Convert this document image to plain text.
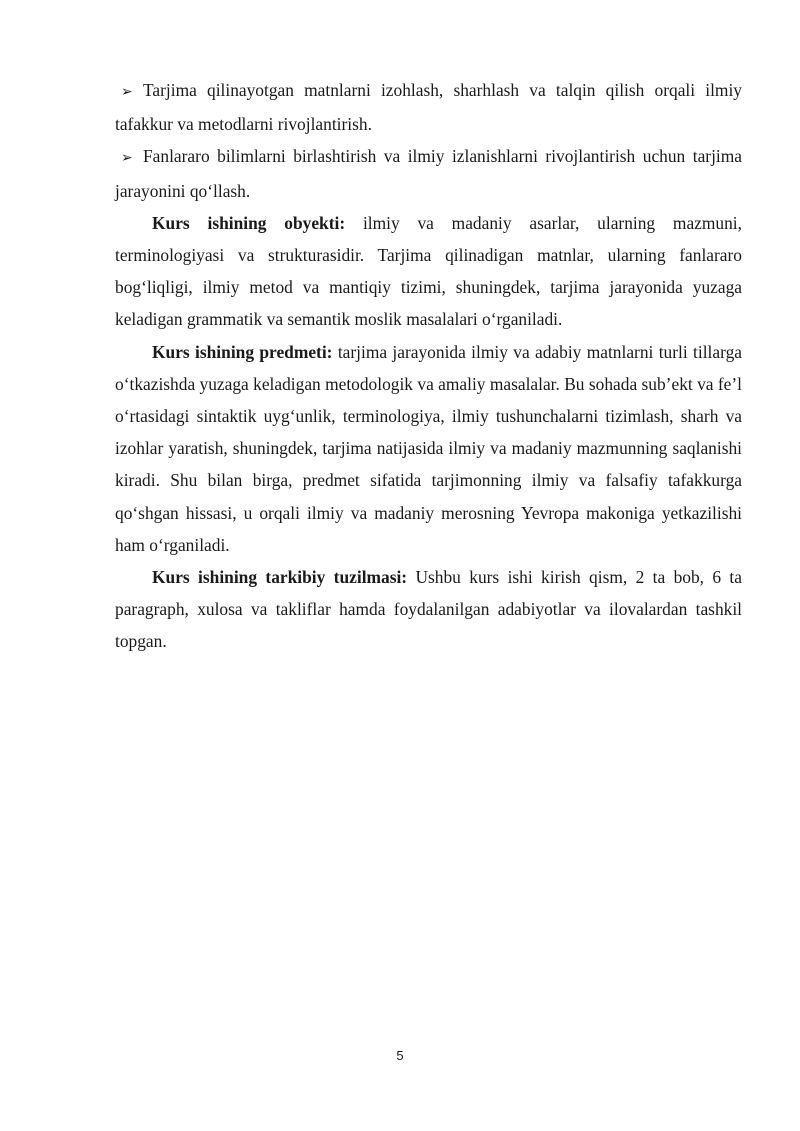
➢ Tarjima qilinayotgan matnlarni izohlash, sharhlash va talqin qilish orqali ilmiy tafakkur va metodlarni rivojlantirish.

➢ Fanlararo bilimlarni birlashtirish va ilmiy izlanishlarni rivojlantirish uchun tarjima jarayonini qo‘llash.

Kurs ishining obyekti: ilmiy va madaniy asarlar, ularning mazmuni, terminologiyasi va strukturasidir. Tarjima qilinadigan matnlar, ularning fanlararo bog‘liqligi, ilmiy metod va mantiqiy tizimi, shuningdek, tarjima jarayonida yuzaga keladigan grammatik va semantik moslik masalalari o‘rganiladi.

Kurs ishining predmeti: tarjima jarayonida ilmiy va adabiy matnlarni turli tillarga o‘tkazishda yuzaga keladigan metodologik va amaliy masalalar. Bu sohada sub’ekt va fe’l o‘rtasidagi sintaktik uyg‘unlik, terminologiya, ilmiy tushunchalarni tizimlash, sharh va izohlar yaratish, shuningdek, tarjima natijasida ilmiy va madaniy mazmunning saqlanishi kiradi. Shu bilan birga, predmet sifatida tarjimonning ilmiy va falsafiy tafakkurga qo‘shgan hissasi, u orqali ilmiy va madaniy merosning Yevropa makoniga yetkazilishi ham o‘rganiladi.

Kurs ishining tarkibiy tuzilmasi: Ushbu kurs ishi kirish qism, 2 ta bob, 6 ta paragraph, xulosa va takliflar hamda foydalanilgan adabiyotlar va ilovalardan tashkil topgan.

5
